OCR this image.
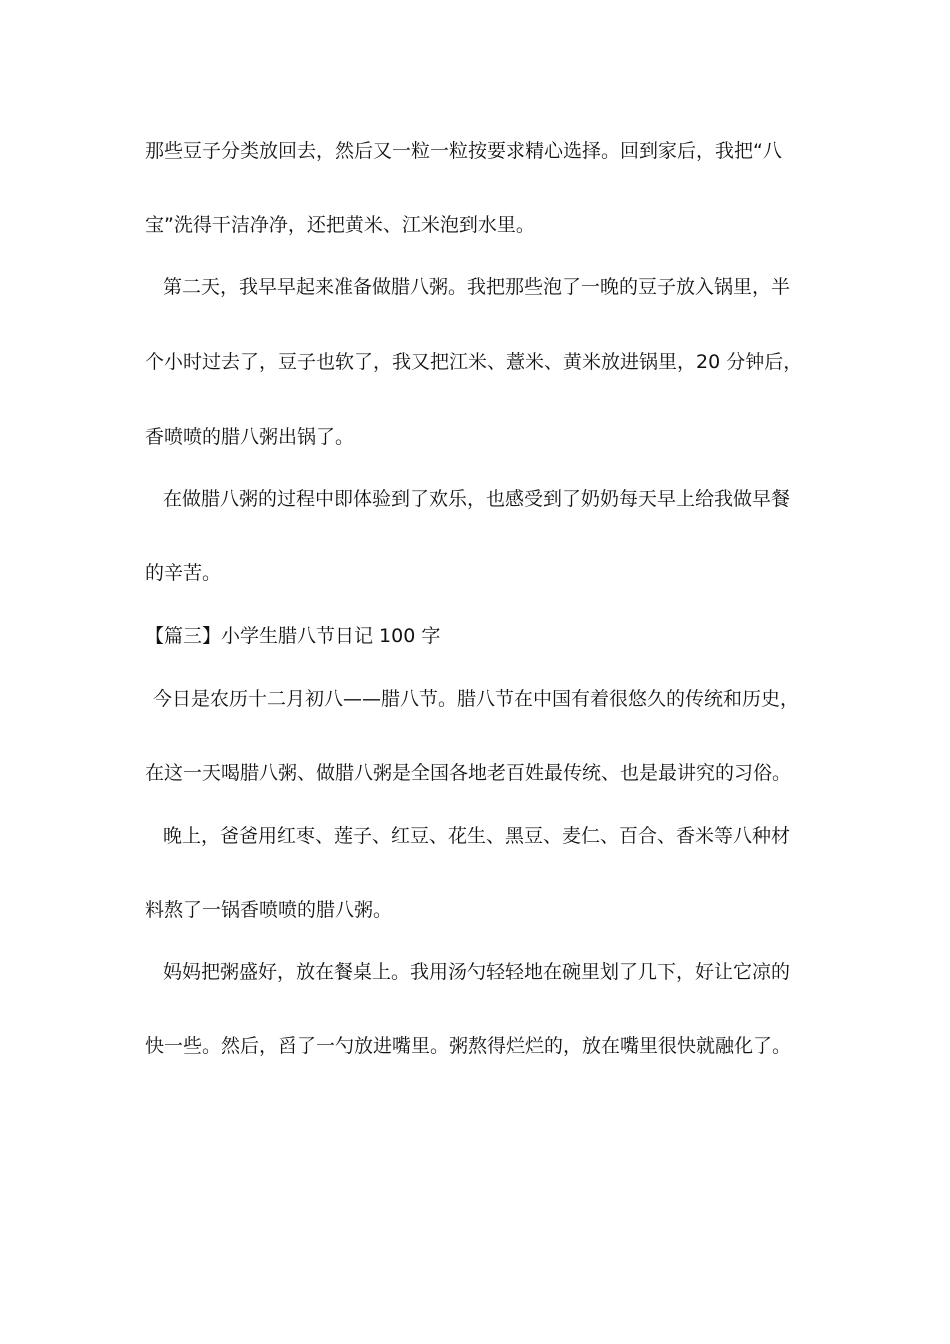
那些豆子分类放回去，然后又一粒一粒按要求精心选择。回到家后，我把“八
宝”洗得干洁净净，还把黄米、江米泡到水里。
第二天，我早早起来准备做腊八粥。我把那些泡了一晚的豆子放入锅里，半
个小时过去了，豆子也软了，我又把江米、薏米、黄米放进锅里，20 分钟后，
香喷喷的腊八粥出锅了。
在做腊八粥的过程中即体验到了欢乐，也感受到了奶奶每天早上给我做早餐
的辛苦。
【篇三】小学生腊八节日记 100 字
今日是农历十二月初八——腊八节。腊八节在中国有着很悠久的传统和历史，
在这一天喝腊八粥、做腊八粥是全国各地老百姓最传统、也是最讲究的习俗。
晚上，爸爸用红枣、莲子、红豆、花生、黑豆、麦仁、百合、香米等八种材
料熬了一锅香喷喷的腊八粥。
妈妈把粥盛好，放在餐桌上。我用汤勺轻轻地在碗里划了几下，好让它凉的
快一些。然后，舀了一勺放进嘴里。粥熬得烂烂的，放在嘴里很快就融化了。
